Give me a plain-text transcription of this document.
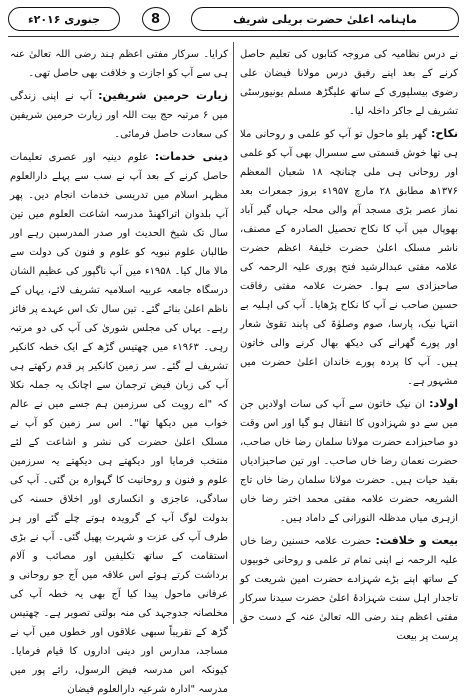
جنوری ۲۰۱۶ء	8	ماہنامہ اعلیٰ حضرت بریلی شریف

نے درس نظامیہ کی مروجہ کتابوں کی تعلیم حاصل کرنے کے بعد اپنے رفیق درس مولانا فیضان علی رضوی بیسلپوری کے ساتھ علیگڑھ مسلم یونیورسٹی تشریف لے جاکر داخلہ لیا۔

نکاح: گھر یلو ماحول تو آپ کو علمی و روحانی ملا ہی تھا خوش قسمتی سے سسرال بھی آپ کو علمی اور روحانی ہی ملی چنانچہ ۱۸ شعبان المعظم ۱۳۷۶ھ مطابق ۲۸ مارچ ۱۹۵۷ء بروز جمعرات بعد نماز عصر بڑی مسجد آم والی محلہ جہاں گیر آباد بھوپال میں آپ کا نکاح تحصیل الصادرہ کے مصنف، ناشر مسلک اعلیٰ حضرت خلیفۂ اعظم حضرت علامہ مفتی عبدالرشید فتح پوری علیہ الرحمہ کی صاحبزادی سے ہوا۔ حضرت علامہ مفتی رفاقت حسین صاحب نے آپ کا نکاح پڑھایا۔ آپ کی اہلیہ بے انتہا نیک، پارسا، صوم وصلوٰۃ کی پابند تقویٰ شعار اور پورے گھرانے کی دیکھ بھال کرنے والی خاتون ہیں۔ آپ کا پردہ پورے خاندان اعلیٰ حضرت میں مشہور ہے۔

اولاد: ان نیک خاتون سے آپ کی سات اولادیں جن میں سے دو شہزادوں کا انتقال ہو گیا اور اس وقت دو صاحبزادے حضرت مولانا سلمان رضا خاں صاحب، حضرت نعمان رضا خاں صاحب۔ اور تین صاحبزادیاں بقید حیات ہیں۔ حضرت مولانا سلمان رضا خاں تاج الشریعہ حضرت علامہ مفتی محمد اختر رضا خاں ازہری میاں مدظلہ النورانی کے داماد ہیں۔

بیعت و خلافت: حضرت علامہ حسنین رضا خاں علیہ الرحمہ نے اپنی تمام تر علمی و روحانی خوبیوں کے ساتھ اپنے بڑے شہزادے حضرت امین شریعت کو تاجدار اہل سنت شہزادۂ اعلیٰ حضرت سیدنا سرکار مفتی اعظم ہند رضی اللہ تعالیٰ عنہ کے دست حق پرست پر بیعت

کرایا۔ سرکار مفتی اعظم ہند رضی اللہ تعالیٰ عنہ ہی سے آپ کو اجازت و خلافت بھی حاصل تھی۔

زیارت حرمین شریفین: آپ نے اپنی زندگی میں ۶ مرتبہ حج بیت اللہ اور زیارت حرمین شریفین کی سعادت حاصل فرمائی۔

دینی خدمات: علوم دینیہ اور عصری تعلیمات حاصل کرنے کے بعد آپ نے سب سے پہلے دارالعلوم مظہر اسلام میں تدریسی خدمات انجام دیں۔ پھر آپ بلدوان اتراکھنڈ مدرسہ اشاعت العلوم میں تین سال تک شیخ الحدیث اور صدر المدرسین رہے اور طالبان علوم نبویہ کو علوم و فنون کی دولت سے مالا مال کیا۔ ۱۹۵۸ء میں آپ ناگپور کی عظیم الشان درسگاہ جامعہ عربیہ اسلامیہ تشریف لائے، یہاں کے ناظم اعلیٰ بنائے گئے۔ تین سال تک اس عہدے پر فائز رہے۔ یہاں کی مجلس شوریٰ کی آپ کی دو مرتبہ رہی۔ ۱۹۶۳ء میں چھتیس گڑھ کے ایک خطہ کانکیر تشریف لے گئے۔ سر زمین کانکیر پر قدم رکھتے ہی آپ کی زبان فیض ترجمان سے اچانک یہ جملہ نکلا کہ "اے رویت کی سرزمین ہم جسے میں نے عالم خواب میں دیکھا تھا"۔ اس سر زمین کو آپ نے مسلک اعلیٰ حضرت کی نشر و اشاعت کے لئے منتخب فرمایا اور دیکھتے ہی دیکھتے یہ سرزمین علوم و فنون و روحانیت کا گہوارہ بن گئی۔ آپ کی سادگی، عاجزی و انکساری اور اخلاق حسنہ کی بدولت لوگ آپ کے گرویدہ ہوتے چلے گئے اور ہر طرف آپ کی عزت و شہرت پھیل گئی۔ آپ نے بڑی استقامت کے ساتھ تکلیفیں اور مصائب و آلام برداشت کرتے ہوئے اس علاقہ میں آج جو روحانی و عرفانی ماحول پیدا کیا آج بھی یہ خطہ آپ کی مخلصانہ جدوجہد کی منہ بولتی تصویر ہے۔ چھتیس گڑھ کے تقریباً سبھی علاقوں اور خطوں میں آپ نے مساجد، مدارس اور دینی اداروں کا قیام فرمایا۔ کیونکہ اس مدرسہ فیض الرسول، رائے پور میں مدرسہ "ادارہ شرعیہ دارالعلوم فیضان
